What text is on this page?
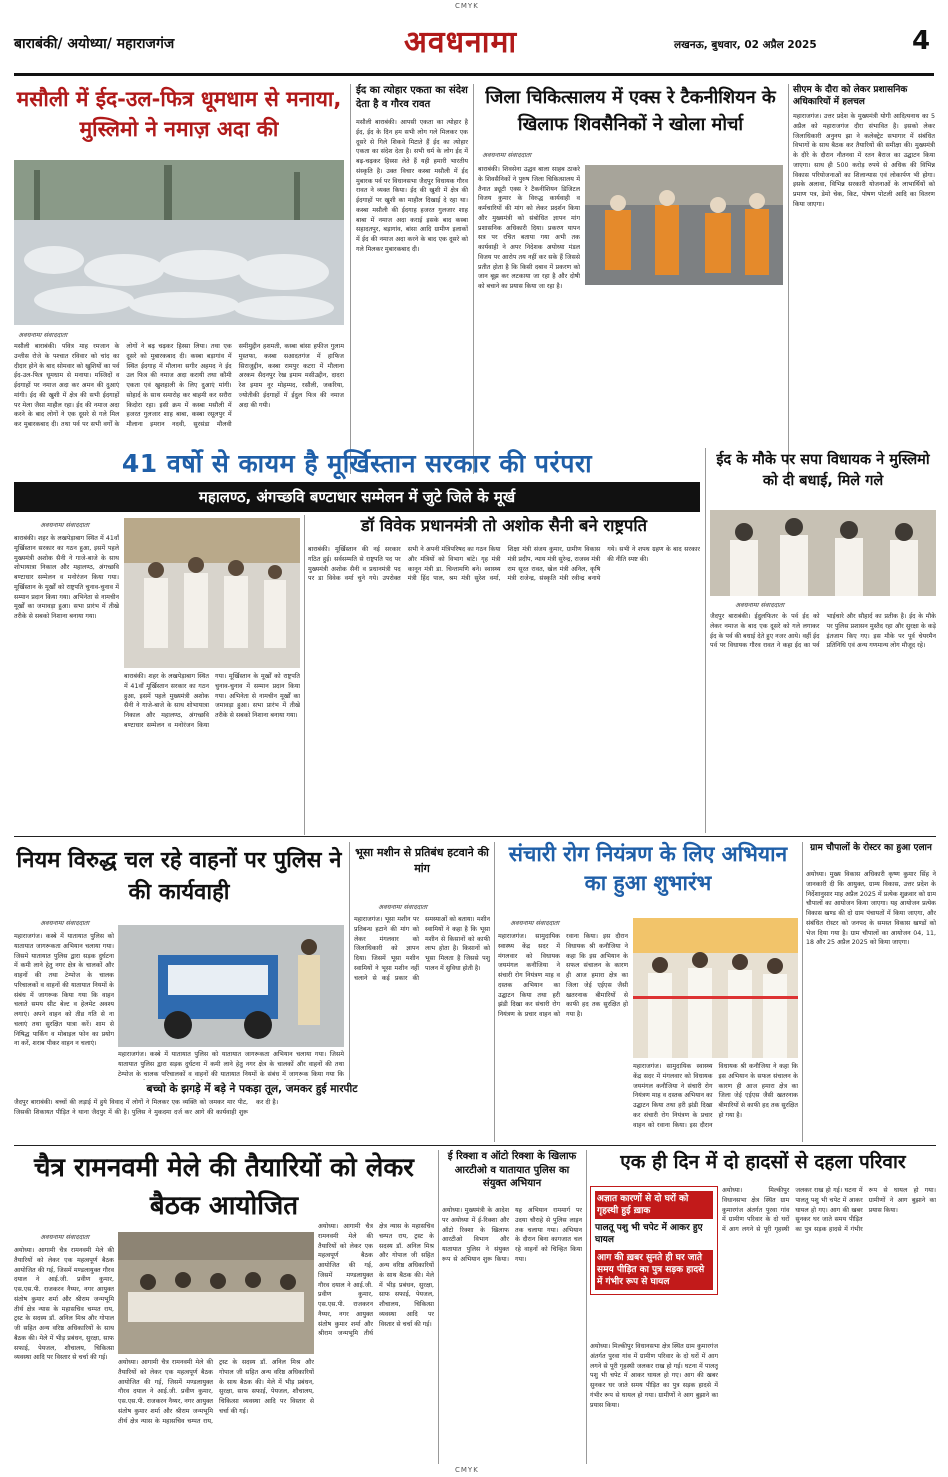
CMYK
बाराबंकी/ अयोध्या/ महाराजगंज	अवधनामा	लखनऊ, बुधवार, 02 अप्रैल 2025	4
मसौली में ईद-उल-फित्र धूमधाम से मनाया, मुस्लिमो ने नमाज़ अदा की
अवधनामा संवाददाता
मसौली बाराबंकी। पवित्र माह रमजान के उन्तीस रोजे के पश्चात रविवार को चांद का दीदार होने के बाद सोमवार को खुशियों का पर्व ईद-उल-फित्र धूमधाम से मनाया। मस्जिदों व ईदगाहों पर नमाज अदा कर अमन की दुआएं मांगी। ईद की खुशी में क्षेत्र की सभी ईदगाहों पर मेला जैसा माहौल रहा। ईद की नमाज अदा करने के बाद लोगों ने एक दूसरे से गले मिल कर मुबारकबाद दी। तथा पर्व पर सभी वर्गों के लोगों ने बढ़ चढ़कर हिस्सा लिया। तथा एक दूसरे को मुबारकबाद दी। कस्बा बड़ागांव में स्थित ईदगाह में मौलाना सगीर अहमद ने ईद उल फित्र की नमाज अदा करायी तथा कौमी एकता एवं खुशहाली के लिए दुआएं मांगी। सोहार्द के साथ समारोह कर बाहमी कर सरौरा किदोरा रहा। इसी क्रम में कस्बा मसौली में हजरत गुलजार शाह बाबा, कस्बा रसूलपुर में मौलाना इमरान नदवी, सुरसंडा मौलवी समीमुद्दीन हशमती, कस्बा बांसा हफीज गुलाम मुस्तफा, कस्बा सआदतगंज में हाफिज सिराजुद्दीन, कस्बा रामपुर कटरा में मौलाना अरकम सैदनपुर रेख इमाम मसीउद्दीन, दादरा रेश इमाम नूर मोहम्मद, रसौली, जकरिया, ज्योतीकी ईदगाहों में ईदुल फित्र की नमाज अदा की गयी।
ईद का त्योहार एकता का संदेश देता है व गौरव रावत
मसौली बाराबंकी। आपसी एकता का त्योहार है ईद, ईद के दिन हम सभी लोग गले मिलकर एक दूसरे से गिले शिकवे मिटाते हैं ईद का त्योहार एकता का संदेश देता है। सभी धर्म के लोग ईद में बढ़-चढ़कर हिस्सा लेते हैं यही हमारी भारतीय संस्कृति है। उक्त विचार कस्बा मसौली में ईद मुबारक पर्व पर विधानसभा जैदपुर विधायक गौरव रावत ने व्यक्त किया। ईद की खुशी में क्षेत्र की ईदगाहों पर खुशी का माहौल दिखाई दे रहा था। कस्बा मसौली की ईदगाह हजरत गुलजार शाह बाबा में नमाज अदा कराई इसके बाद कस्बा सहादतपुर, बड़ागांव, बांसा आदि ग्रामीण इलाकों में ईद की नमाज अदा करने के बाद एक दूसरे को गले मिलकर मुबारकबाद दी।
जिला चिकित्सालय में एक्स रे टैकनीशियन के खिलाफ शिवसैनिकों ने खोला मोर्चा
अवधनामा संवाददाता
बाराबंकी। शिवसेना उद्धव बाला साहब ठाकरे के शिवसैनिकों ने पुरुष जिला चिकित्सालय में तैनात ड्यूटी एक्स रे टैकनीशियन डिजिटल विजय कुमार के विरुद्ध कार्यवाही व कर्मचारियों की मांग को लेकर प्रदर्शन किया और मुख्यमंत्री को संबोधित ज्ञापन मांग प्रशासनिक अधिकारी दिया। प्रकरण यापन सत्र पर रचित बताया गया अभी तक कार्यवाही ने अपर निदेशक अयोध्या मंडल विजय पर आरोप तय नहीं कर सके हैं जिससे प्रतीत होता है कि किसी दबाव में प्रकरण को जान बूझ कर लटकाया जा रहा है और दोषी को बचाने का प्रयास किया जा रहा है।
सीएम के दौरा को लेकर प्रशासनिक अधिकारियों में हलचल
महाराजगंज। उत्तर प्रदेश के मुख्यमंत्री योगी आदित्यनाथ का 5 अप्रैल को महाराजगंज दौरा संभावित है। इसको लेकर जिलाधिकारी अनुनय झा ने कलेक्ट्रेट सभागार में संबंधित विभागों के साथ बैठक कर तैयारियों की समीक्षा की। मुख्यमंत्री के दौरे के दौरान नौतनवा में रतन बैराज का उद्घाटन किया जाएगा। साथ ही 500 करोड़ रुपये से अधिक की विभिन्न विकास परियोजनाओं का शिलान्यास एवं लोकार्पण भी होगा। इसके अलावा, विभिन्न सरकारी योजनाओं के लाभार्थियों को प्रमाण पत्र, डेमो चेक, किट, पोषण पोटली आदि का वितरण किया जाएगा।
41 वर्षो से कायम है मूर्खिस्तान सरकार की परंपरा
महालण्ठ, अंगच्छवि बण्टाधार सम्मेलन में जुटे जिले के मूर्ख
अवधनामा संवाददाता
बाराबंकी। शहर के लखपेड़ाबाग स्थित में 41वाँ मूर्खिस्तान सरकार का गठन हुआ, इसमें पहले मुख्यमंत्री अशोक सैनी ने गाजे-बाजे के साथ शोभायात्रा निकाल और महालण्ठ, अंगच्छवि बण्टाधार सम्मेलन व मनोरंजन किया गया। मूर्खिस्तान के मूर्खों को राष्ट्रपति चुनाव-चुनाव में सम्मान प्रदान किया गया। अभिनेता से नामचीन मूर्खों का जमावड़ा हुआ। सभा प्रारंभ में तीखे तरीके से सबको निशाना बनाया गया।
बाराबंकी। शहर के लखपेड़ाबाग स्थित में 41वाँ मूर्खिस्तान सरकार का गठन हुआ, इसमें पहले मुख्यमंत्री अशोक सैनी ने गाजे-बाजे के साथ शोभायात्रा निकाल और महालण्ठ, अंगच्छवि बण्टाधार सम्मेलन व मनोरंजन किया गया। मूर्खिस्तान के मूर्खों को राष्ट्रपति चुनाव-चुनाव में सम्मान प्रदान किया गया। अभिनेता से नामचीन मूर्खों का जमावड़ा हुआ। सभा प्रारंभ में तीखे तरीके से सबको निशाना बनाया गया।
डॉ विवेक प्रधानमंत्री तो अशोक सैनी बने राष्ट्रपति
बाराबंकी। मूर्खिस्तान की नई सरकार गठित हुई। सर्वसम्मति से राष्ट्रपति पद पर मुख्यमंत्री अशोक सैनी व प्रधानमंत्री पद पर डा विवेक वर्मा चुने गये। उपरोक्त सभी ने अपनी मंत्रिपरिषद का गठन किया और मंत्रियों को विभाग बांटे। गृह मंत्री कानून मंत्री डा. चिन्तामणि बने। स्वास्थ्य मंत्री हिंद पाल, श्रम मंत्री सुरेश वर्मा, शिक्षा मंत्री संजय कुमार, ग्रामीण विकास मंत्री प्रदीप, न्याय मंत्री सुरेन्द्र, राजस्व मंत्री राम सूरत रावत, खेल मंत्री अनिल, कृषि मंत्री राजेन्द्र, संस्कृति मंत्री रवीन्द्र बनाये गये। सभी ने शपथ ग्रहण के बाद सरकार की नीति स्पष्ट की।
ईद के मौके पर सपा विधायक ने मुस्लिमो को दी बधाई, मिले गले
अवधनामा संवाददाता
जैदपुर बाराबंकी। ईदुलफितर के पर्व ईद को लेकर नमाज के बाद एक दूसरे को गले लगाकर ईद के पर्व की बधाई देते हुए नजर आये। वहीं ईद पर्व पर विधायक गौरव रावत ने कहा ईद का पर्व भाईचारे और सौहार्द का प्रतीक है। ईद के मौके पर पुलिस प्रशासन मुस्तैद रहा और सुरक्षा के कड़े इंतजाम किए गए। इस मौके पर पूर्व चेयरमैन प्रतिनिधि एवं अन्य गणमान्य लोग मौजूद रहे।
नियम विरुद्ध चल रहे वाहनों पर पुलिस ने की कार्यवाही
अवधनामा संवाददाता
महाराजगंज। कस्बे में यातायात पुलिस को यातायात जागरूकता अभियान चलाया गया। जिसमे यातायात पुलिस द्वारा सड़क दुर्घटना में कमी लाने हेतु नगर क्षेत्र के चालकों और वाहनों की तथा टेम्पोज के चालक परिचालकों व वाहनों की यातायात नियमों के संबंध में जागरूक किया गया कि वाहन चलाते समय सीट बेल्ट व हेलमेट अवश्य लगाएं। अपने वाहन को तीव्र गति से ना चलाएं तथा सुरक्षित यात्रा करें। शाम से निषिद्ध पार्किंग व मोबाइल फोन का प्रयोग ना करें, शराब पीकर वाहन न चलाएं।
महाराजगंज। कस्बे में यातायात पुलिस को यातायात जागरूकता अभियान चलाया गया। जिसमे यातायात पुलिस द्वारा सड़क दुर्घटना में कमी लाने हेतु नगर क्षेत्र के चालकों और वाहनों की तथा टेम्पोज के चालक परिचालकों व वाहनों की यातायात नियमों के संबंध में जागरूक किया गया कि
बच्चो के झगड़े में बड़े ने पकड़ा तूल, जमकर हुई मारपीट
जैदपुर बाराबंकी। बच्चों की लड़ाई में हुये विवाद में लोगों ने मिलकर एक व्यक्ति को जमकर मार पीट, जिसकी शिकायत पीड़ित ने थाना जैदपुर में की है। पुलिस ने मुकदमा दर्ज कर आगे की कार्यवाही शुरू कर दी है।
भूसा मशीन से प्रतिबंध हटवाने की मांग
अवधनामा संवाददाता
महाराजगंज। भूसा मशीन पर प्रतिबन्ध हटाने की मांग को लेकर मंगलवार को जिलाधिकारी को ज्ञापन दिया। जिसमें भूसा मशीन स्वामियों ने भूसा मशीन नहीं चलाने से कई प्रकार की समस्याओं को बताया। मशीन स्वामियों ने कहा है कि भूसा मशीन से किसानों को काफी लाभ होता है। किसानों को भूसा मिलता है जिससे पशु पालन में सुविधा होती है।
संचारी रोग नियंत्रण के लिए अभियान का हुआ शुभारंभ
अवधनामा संवाददाता
महाराजगंज। सामुदायिक स्वास्थ्य केंद्र सदर में मंगलवार को विधायक जयमंगल कनौजिया ने संचारी रोग नियंत्रण माह व दस्तक अभियान का उद्घाटन किया तथा हरी झंडी दिखा कर संचारी रोग नियंत्रण के प्रचार वाहन को रवाना किया। इस दौरान विधायक श्री कनौजिया ने कहा कि इस अभियान के सफल संचालन के कारण ही आज हमारा क्षेत्र का जिला जेई एईएस जैसी खतरनाक बीमारियों से काफी हद तक सुरक्षित हो गया है।
महाराजगंज। सामुदायिक स्वास्थ्य केंद्र सदर में मंगलवार को विधायक जयमंगल कनौजिया ने संचारी रोग नियंत्रण माह व दस्तक अभियान का उद्घाटन किया तथा हरी झंडी दिखा कर संचारी रोग नियंत्रण के प्रचार वाहन को रवाना किया। इस दौरान विधायक श्री कनौजिया ने कहा कि इस अभियान के सफल संचालन के कारण ही आज हमारा क्षेत्र का जिला जेई एईएस जैसी खतरनाक बीमारियों से काफी हद तक सुरक्षित हो गया है।
ग्राम चौपालों के रोस्टर का हुआ एलान
अयोध्या। मुख्य विकास अधिकारी कृष्ण कुमार सिंह ने जानकारी दी कि आयुक्त, ग्राम्य विकास, उत्तर प्रदेश के निर्देशानुसार माह अप्रैल 2025 में प्रत्येक शुक्रवार को ग्राम चौपालों का आयोजन किया जाएगा। यह आयोजन प्रत्येक विकास खण्ड की दो ग्राम पंचायतों में किया जाएगा, और संबंधित रोस्टर को जनपद के समस्त विकास खण्डों को भेज दिया गया है। ग्राम चौपालों का आयोजन 04, 11, 18 और 25 अप्रैल 2025 को किया जाएगा।
चैत्र रामनवमी मेले की तैयारियों को लेकर बैठक आयोजित
अवधनामा संवाददाता
अयोध्या। आगामी चैत्र रामनवमी मेले की तैयारियों को लेकर एक महत्वपूर्ण बैठक आयोजित की गई, जिसमें मण्डलायुक्त गौरव दयाल ने आई.जी. प्रवीण कुमार, एस.एस.पी. राजकरन नैय्यर, नगर आयुक्त संतोष कुमार शर्मा और श्रीराम जन्मभूमि तीर्थ क्षेत्र न्यास के महासचिव चम्पत राय, ट्रस्ट के सदस्य डॉ. अनिल मिश्र और गोपाल जी सहित अन्य वरिष्ठ अधिकारियों के साथ बैठक की। मेले में भीड़ प्रबंधन, सुरक्षा, साफ सफाई, पेयजल, शौचालय, चिकित्सा व्यवस्था आदि पर विस्तार से चर्चा की गई।
अयोध्या। आगामी चैत्र रामनवमी मेले की तैयारियों को लेकर एक महत्वपूर्ण बैठक आयोजित की गई, जिसमें मण्डलायुक्त गौरव दयाल ने आई.जी. प्रवीण कुमार, एस.एस.पी. राजकरन नैय्यर, नगर आयुक्त संतोष कुमार शर्मा और श्रीराम जन्मभूमि तीर्थ क्षेत्र न्यास के महासचिव चम्पत राय, ट्रस्ट के सदस्य डॉ. अनिल मिश्र और गोपाल जी सहित अन्य वरिष्ठ अधिकारियों के साथ बैठक की। मेले में भीड़ प्रबंधन, सुरक्षा, साफ सफाई, पेयजल, शौचालय, चिकित्सा व्यवस्था आदि पर विस्तार से चर्चा की गई।
अयोध्या। आगामी चैत्र रामनवमी मेले की तैयारियों को लेकर एक महत्वपूर्ण बैठक आयोजित की गई, जिसमें मण्डलायुक्त गौरव दयाल ने आई.जी. प्रवीण कुमार, एस.एस.पी. राजकरन नैय्यर, नगर आयुक्त संतोष कुमार शर्मा और श्रीराम जन्मभूमि तीर्थ क्षेत्र न्यास के महासचिव चम्पत राय, ट्रस्ट के सदस्य डॉ. अनिल मिश्र और गोपाल जी सहित अन्य वरिष्ठ अधिकारियों के साथ बैठक की। मेले में भीड़ प्रबंधन, सुरक्षा, साफ सफाई, पेयजल, शौचालय, चिकित्सा व्यवस्था आदि पर विस्तार से चर्चा की गई।
ई रिक्शा व ऑटो रिक्शा के खिलाफ आरटीओ व यातायात पुलिस का संयुक्त अभियान
अयोध्या। मुख्यमंत्री के आदेश पर अयोध्या में ई-रिक्शा और ऑटो रिक्शा के खिलाफ आरटीओ विभाग और यातायात पुलिस ने संयुक्त रूप से अभियान शुरू किया। यह अभियान राममार्ग पर उदया चौराहे से पुलिस लाइन तक चलाया गया। अभियान के दौरान बिना कागजात चल रहे वाहनों को चिन्हित किया गया।
एक ही दिन में दो हादसों से दहला परिवार
अज्ञात कारणों से दो घरों को गृहस्थी हुई ख़ाक
पालतू पशु भी चपेट में आकर हुए घायल
आग की ख़बर सुनते ही घर जाते समय पीड़ित का पुत्र सड़क हादसे में गंभीर रूप से घायल
अयोध्या। मिल्कीपुर विधानसभा क्षेत्र स्थित ग्राम कुमारगंज अंतर्गत पुरवा गांव में ग्रामीण परिवार के दो घरों में आग लगने से पूरी गृहस्थी जलकर राख हो गई। घटना में पालतू पशु भी चपेट में आकर घायल हो गए। आग की खबर सुनकर घर जाते समय पीड़ित का पुत्र सड़क हादसे में गंभीर रूप से घायल हो गया। ग्रामीणों ने आग बुझाने का प्रयास किया।
अयोध्या। मिल्कीपुर विधानसभा क्षेत्र स्थित ग्राम कुमारगंज अंतर्गत पुरवा गांव में ग्रामीण परिवार के दो घरों में आग लगने से पूरी गृहस्थी जलकर राख हो गई। घटना में पालतू पशु भी चपेट में आकर घायल हो गए। आग की खबर सुनकर घर जाते समय पीड़ित का पुत्र सड़क हादसे में गंभीर रूप से घायल हो गया। ग्रामीणों ने आग बुझाने का प्रयास किया।
CMYK
